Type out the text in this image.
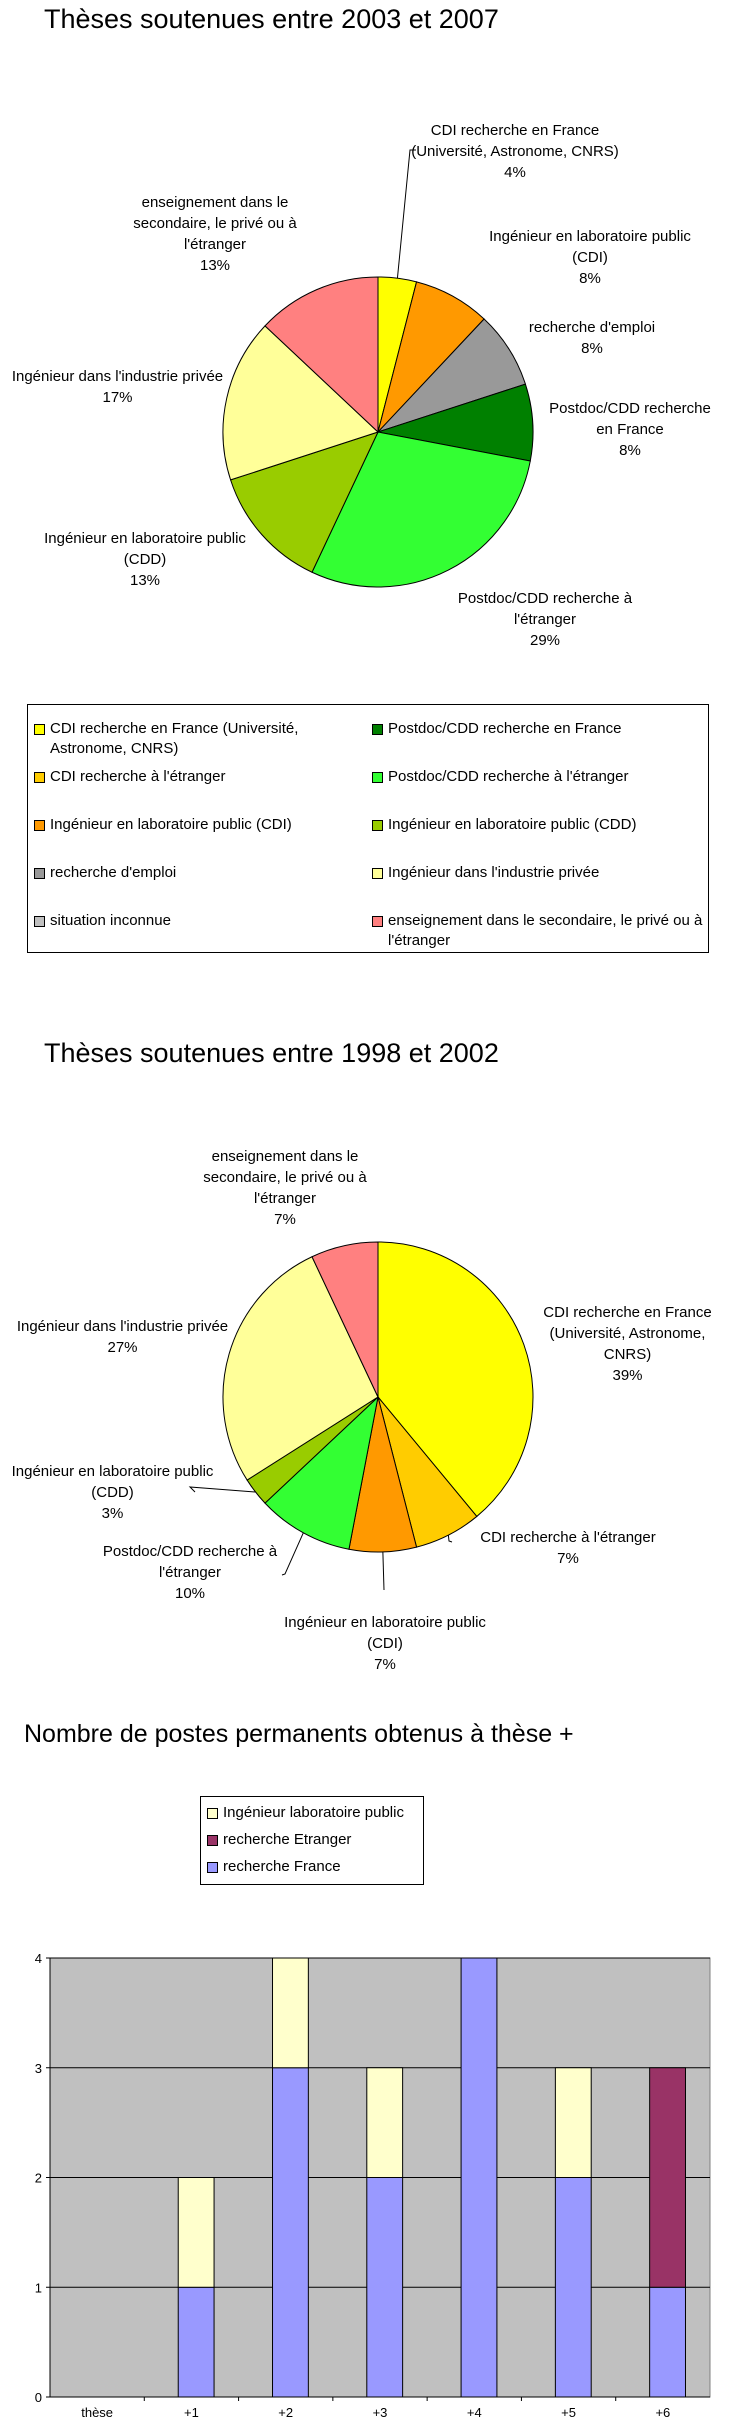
Thèses soutenues entre 2003 et 2007
CDI recherche en France
(Université, Astronome, CNRS)
4%
Ingénieur en laboratoire public
(CDI)
8%
recherche d'emploi
8%
Postdoc/CDD recherche
en France
8%
Postdoc/CDD recherche à
l'étranger
29%
Ingénieur en laboratoire public
(CDD)
13%
Ingénieur dans l'industrie privée
17%
enseignement dans le
secondaire, le privé ou à
l'étranger
13%
CDI recherche en France (Université, Astronome, CNRS)
Postdoc/CDD recherche en France
CDI recherche à l'étranger	Postdoc/CDD recherche à l'étranger
Ingénieur en laboratoire public (CDI)	Ingénieur en laboratoire public (CDD)
recherche d'emploi	Ingénieur dans l'industrie privée
situation inconnue	enseignement dans le secondaire, le privé ou à l'étranger
Thèses soutenues entre 1998 et 2002
CDI recherche en France
(Université, Astronome,
CNRS)
39%
CDI recherche à l'étranger
7%
Ingénieur en laboratoire public
(CDI)
7%
Postdoc/CDD recherche à
l'étranger
10%
Ingénieur en laboratoire public
(CDD)
3%
Ingénieur dans l'industrie privée
27%
enseignement dans le
secondaire, le privé ou à
l'étranger
7%
Nombre de postes permanents obtenus à thèse +
Ingénieur laboratoire public
recherche Etranger
recherche France
0
1
2
3
4
thèse	+1	+2	+3	+4	+5	+6
